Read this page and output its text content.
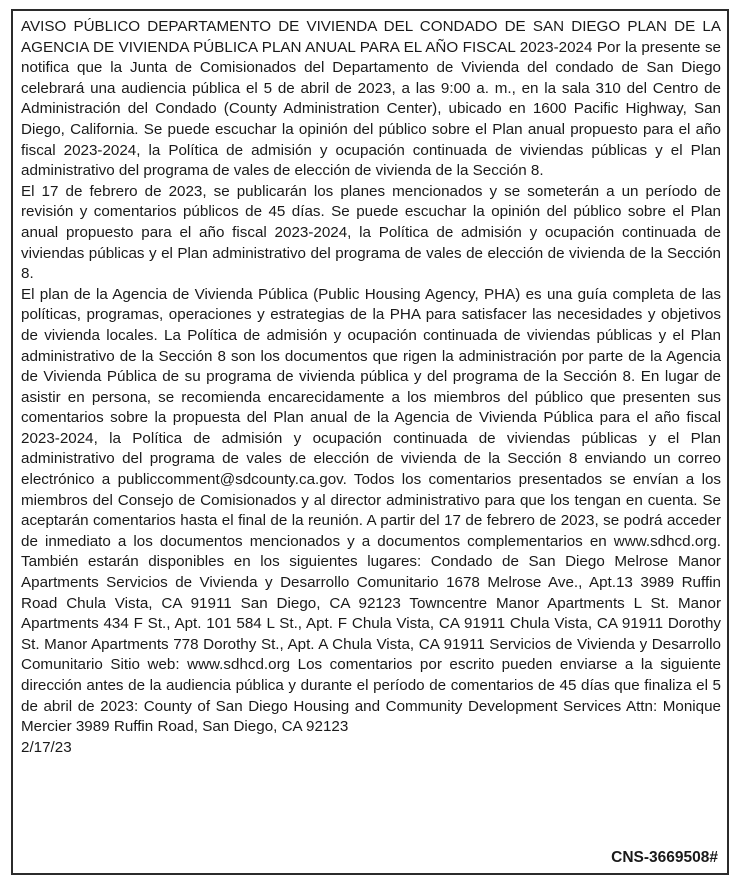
AVISO PÚBLICO DEPARTAMENTO DE VIVIENDA DEL CONDADO DE SAN DIEGO PLAN DE LA AGENCIA DE VIVIENDA PÚBLICA PLAN ANUAL PARA EL AÑO FISCAL 2023-2024 Por la presente se notifica que la Junta de Comisionados del Departamento de Vivienda del condado de San Diego celebrará una audiencia pública el 5 de abril de 2023, a las 9:00 a. m., en la sala 310 del Centro de Administración del Condado (County Administration Center), ubicado en 1600 Pacific Highway, San Diego, California. Se puede escuchar la opinión del público sobre el Plan anual propuesto para el año fiscal 2023-2024, la Política de admisión y ocupación continuada de viviendas públicas y el Plan administrativo del programa de vales de elección de vivienda de la Sección 8.

El 17 de febrero de 2023, se publicarán los planes mencionados y se someterán a un período de revisión y comentarios públicos de 45 días. Se puede escuchar la opinión del público sobre el Plan anual propuesto para el año fiscal 2023-2024, la Política de admisión y ocupación continuada de viviendas públicas y el Plan administrativo del programa de vales de elección de vivienda de la Sección 8.

El plan de la Agencia de Vivienda Pública (Public Housing Agency, PHA) es una guía completa de las políticas, programas, operaciones y estrategias de la PHA para satisfacer las necesidades y objetivos de vivienda locales. La Política de admisión y ocupación continuada de viviendas públicas y el Plan administrativo de la Sección 8 son los documentos que rigen la administración por parte de la Agencia de Vivienda Pública de su programa de vivienda pública y del programa de la Sección 8. En lugar de asistir en persona, se recomienda encarecidamente a los miembros del público que presenten sus comentarios sobre la propuesta del Plan anual de la Agencia de Vivienda Pública para el año fiscal 2023-2024, la Política de admisión y ocupación continuada de viviendas públicas y el Plan administrativo del programa de vales de elección de vivienda de la Sección 8 enviando un correo electrónico a publiccomment@sdcounty.ca.gov. Todos los comentarios presentados se envían a los miembros del Consejo de Comisionados y al director administrativo para que los tengan en cuenta. Se aceptarán comentarios hasta el final de la reunión. A partir del 17 de febrero de 2023, se podrá acceder de inmediato a los documentos mencionados y a documentos complementarios en www.sdhcd.org. También estarán disponibles en los siguientes lugares: Condado de San Diego Melrose Manor Apartments Servicios de Vivienda y Desarrollo Comunitario 1678 Melrose Ave., Apt.13 3989 Ruffin Road Chula Vista, CA 91911 San Diego, CA 92123 Towncentre Manor Apartments L St. Manor Apartments 434 F St., Apt. 101 584 L St., Apt. F Chula Vista, CA 91911 Chula Vista, CA 91911 Dorothy St. Manor Apartments 778 Dorothy St., Apt. A Chula Vista, CA 91911 Servicios de Vivienda y Desarrollo Comunitario Sitio web: www.sdhcd.org Los comentarios por escrito pueden enviarse a la siguiente dirección antes de la audiencia pública y durante el período de comentarios de 45 días que finaliza el 5 de abril de 2023: County of San Diego Housing and Community Development Services Attn: Monique Mercier 3989 Ruffin Road, San Diego, CA 92123

2/17/23

CNS-3669508#
